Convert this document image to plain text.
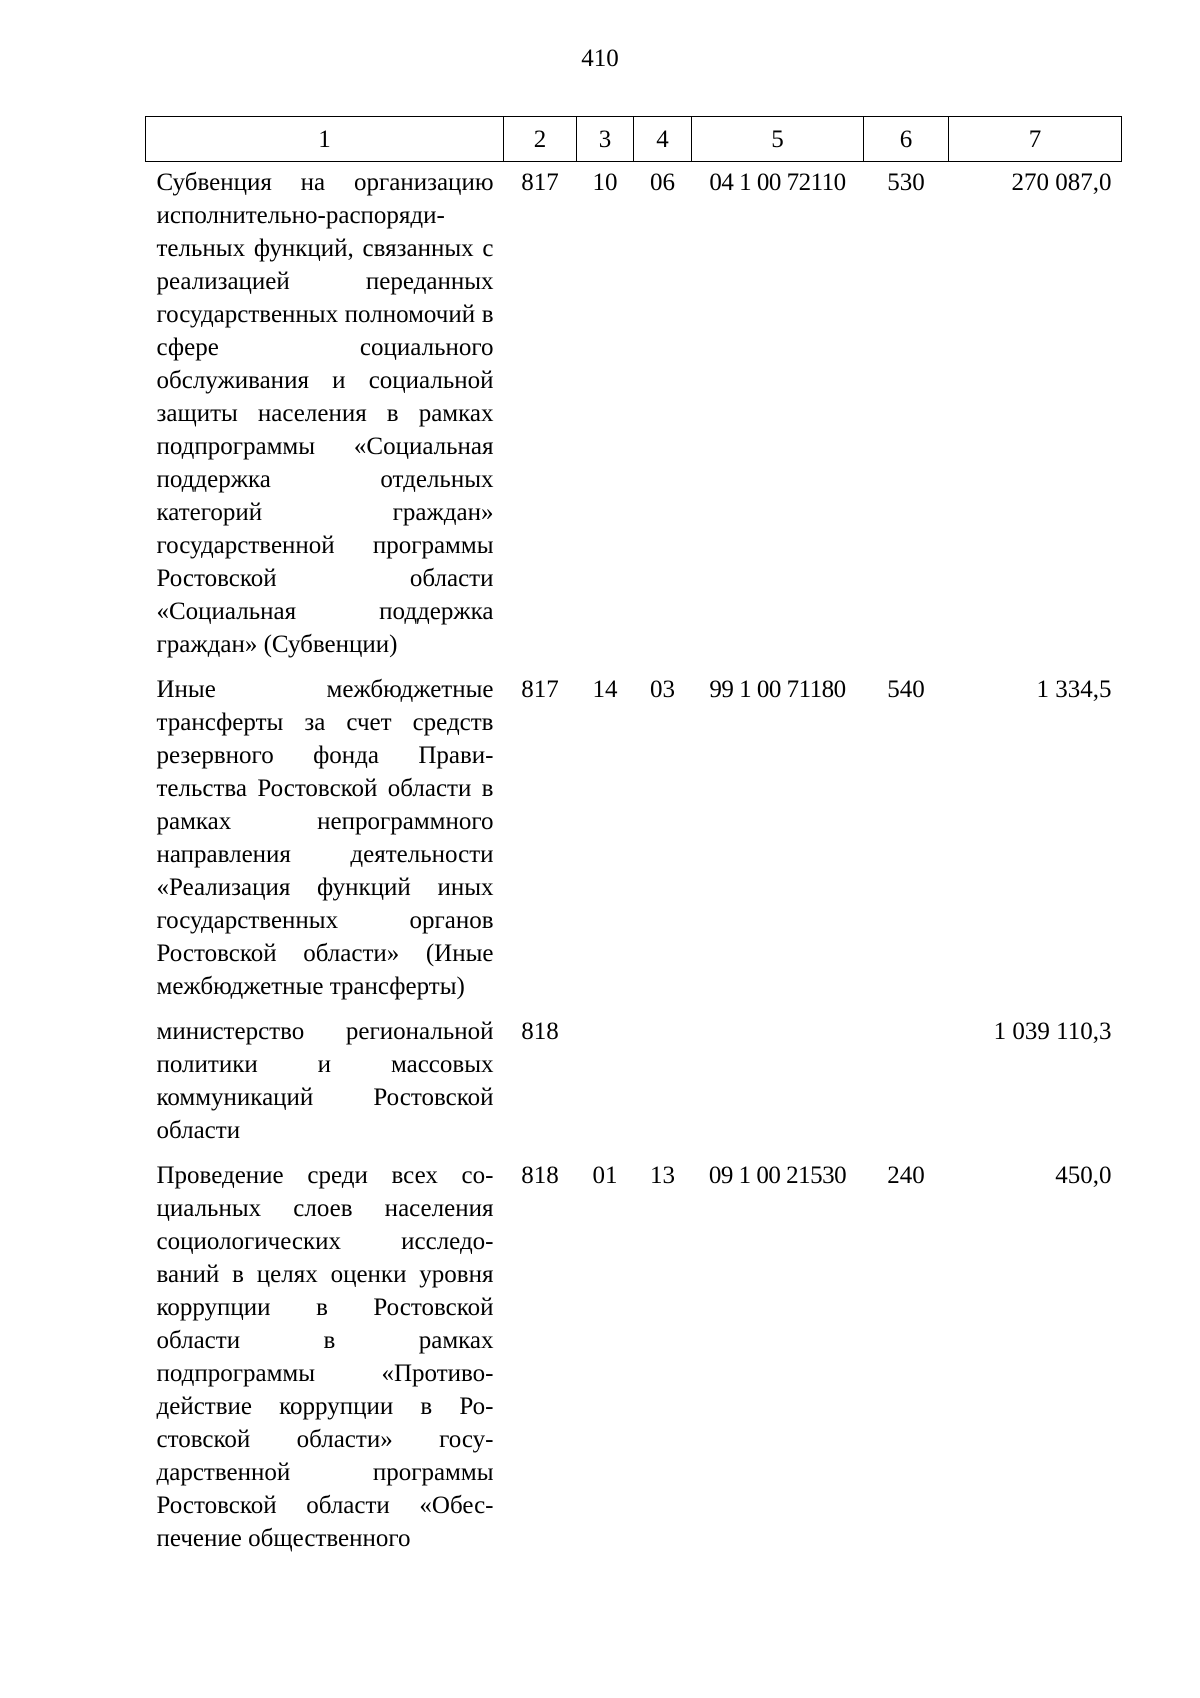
410
1	2	3	4	5	6	7
Субвенция на организацию исполнительно-распорядительных функций, связанных с реализацией переданных государственных полномочий в сфере социального обслуживания и социальной защиты населения в рамках подпрограммы «Социальная поддержка отдельных категорий граждан» государственной программы Ростовской области «Социальная поддержка граждан» (Субвенции)	817	10	06	04 1 00 72110	530	270 087,0
Иные межбюджетные трансферты за счет средств резервного фонда Правительства Ростовской области в рамках непрограммного направления деятельности «Реализация функций иных государственных органов Ростовской области» (Иные межбюджетные трансферты)	817	14	03	99 1 00 71180	540	1 334,5
министерство региональной политики и массовых коммуникаций Ростовской области	818					1 039 110,3
Проведение среди всех социальных слоев населения социологических исследований в целях оценки уровня коррупции в Ростовской области в рамках подпрограммы «Противодействие коррупции в Ростовской области» государственной программы Ростовской области «Обеспечение общественного	818	01	13	09 1 00 21530	240	450,0
